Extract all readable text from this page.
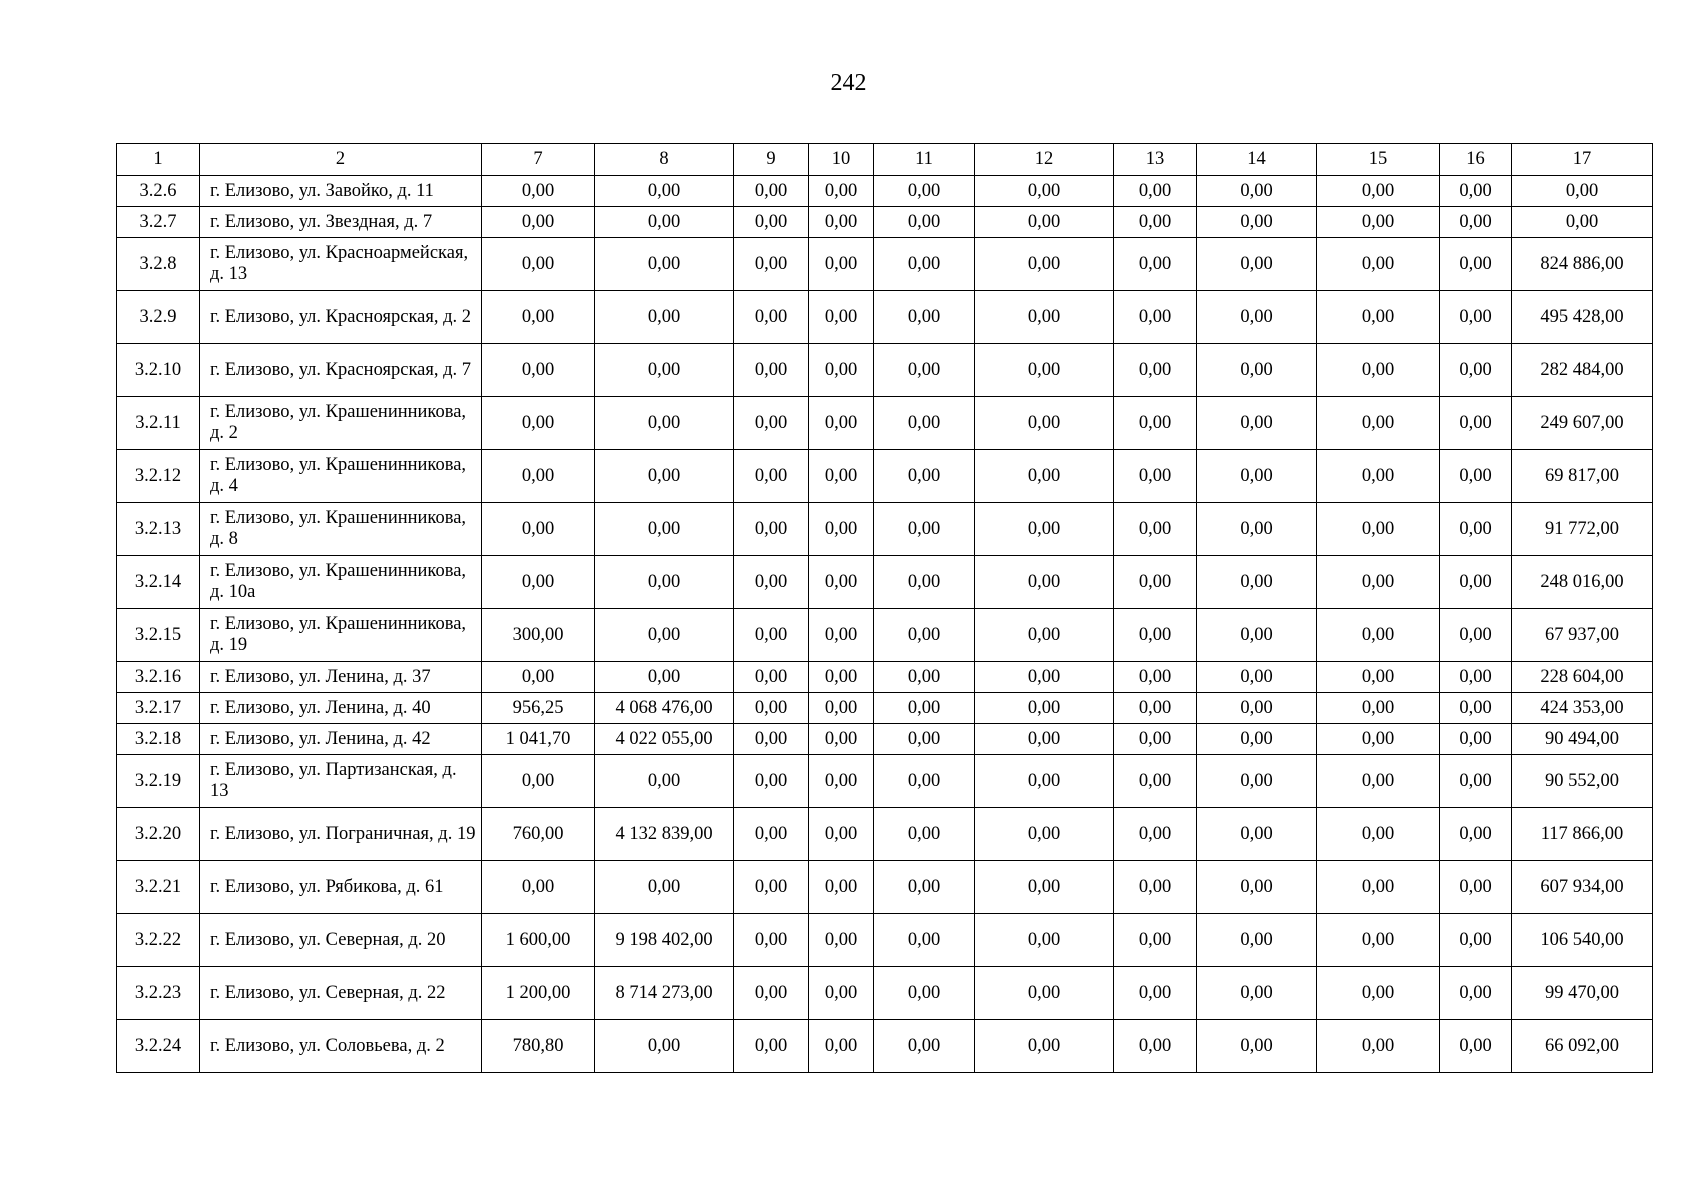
242
1	2	7	8	9	10	11	12	13	14	15	16	17
3.2.6	г. Елизово, ул. Завойко, д. 11	0,00	0,00	0,00	0,00	0,00	0,00	0,00	0,00	0,00	0,00	0,00
3.2.7	г. Елизово, ул. Звездная, д. 7	0,00	0,00	0,00	0,00	0,00	0,00	0,00	0,00	0,00	0,00	0,00
3.2.8	г. Елизово, ул. Красноармейская, д. 13	0,00	0,00	0,00	0,00	0,00	0,00	0,00	0,00	0,00	0,00	824 886,00
3.2.9	г. Елизово, ул. Красноярская, д. 2	0,00	0,00	0,00	0,00	0,00	0,00	0,00	0,00	0,00	0,00	495 428,00
3.2.10	г. Елизово, ул. Красноярская, д. 7	0,00	0,00	0,00	0,00	0,00	0,00	0,00	0,00	0,00	0,00	282 484,00
3.2.11	г. Елизово, ул. Крашенинникова, д. 2	0,00	0,00	0,00	0,00	0,00	0,00	0,00	0,00	0,00	0,00	249 607,00
3.2.12	г. Елизово, ул. Крашенинникова, д. 4	0,00	0,00	0,00	0,00	0,00	0,00	0,00	0,00	0,00	0,00	69 817,00
3.2.13	г. Елизово, ул. Крашенинникова, д. 8	0,00	0,00	0,00	0,00	0,00	0,00	0,00	0,00	0,00	0,00	91 772,00
3.2.14	г. Елизово, ул. Крашенинникова, д. 10а	0,00	0,00	0,00	0,00	0,00	0,00	0,00	0,00	0,00	0,00	248 016,00
3.2.15	г. Елизово, ул. Крашенинникова, д. 19	300,00	0,00	0,00	0,00	0,00	0,00	0,00	0,00	0,00	0,00	67 937,00
3.2.16	г. Елизово, ул. Ленина, д. 37	0,00	0,00	0,00	0,00	0,00	0,00	0,00	0,00	0,00	0,00	228 604,00
3.2.17	г. Елизово, ул. Ленина, д. 40	956,25	4 068 476,00	0,00	0,00	0,00	0,00	0,00	0,00	0,00	0,00	424 353,00
3.2.18	г. Елизово, ул. Ленина, д. 42	1 041,70	4 022 055,00	0,00	0,00	0,00	0,00	0,00	0,00	0,00	0,00	90 494,00
3.2.19	г. Елизово, ул. Партизанская, д. 13	0,00	0,00	0,00	0,00	0,00	0,00	0,00	0,00	0,00	0,00	90 552,00
3.2.20	г. Елизово, ул. Пограничная, д. 19	760,00	4 132 839,00	0,00	0,00	0,00	0,00	0,00	0,00	0,00	0,00	117 866,00
3.2.21	г. Елизово, ул. Рябикова, д. 61	0,00	0,00	0,00	0,00	0,00	0,00	0,00	0,00	0,00	0,00	607 934,00
3.2.22	г. Елизово, ул. Северная, д. 20	1 600,00	9 198 402,00	0,00	0,00	0,00	0,00	0,00	0,00	0,00	0,00	106 540,00
3.2.23	г. Елизово, ул. Северная, д. 22	1 200,00	8 714 273,00	0,00	0,00	0,00	0,00	0,00	0,00	0,00	0,00	99 470,00
3.2.24	г. Елизово, ул. Соловьева, д. 2	780,80	0,00	0,00	0,00	0,00	0,00	0,00	0,00	0,00	0,00	66 092,00
